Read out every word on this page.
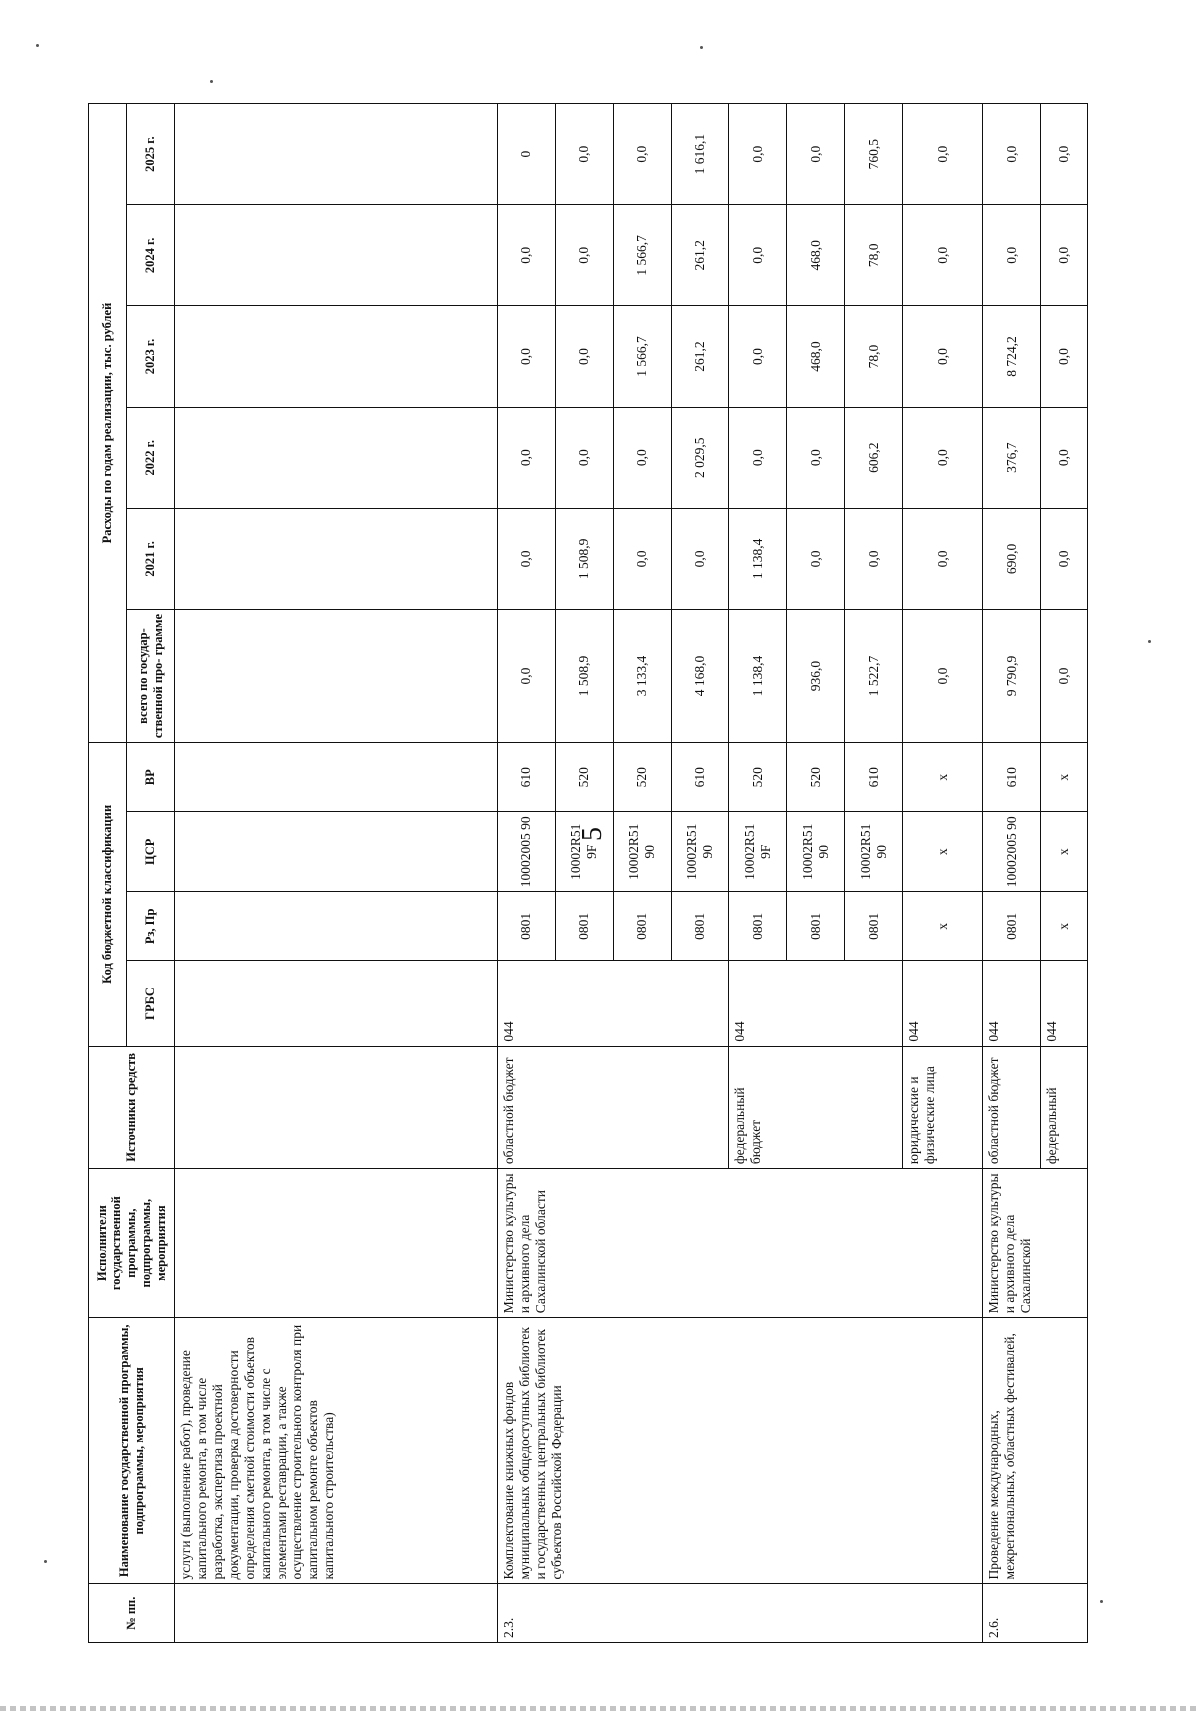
5
№ пп.	Наименование государственной программы, подпрограммы, мероприятия	Исполнители государственной программы, подпрограммы, мероприятия	Источники средств	Код бюджетной классификации				Расходы по годам реализации, тыс. рублей					
				ГРБС	Рз, Пр	ЦСР	ВР	всего по государ- ственной про- грамме	2021 г.	2022 г.	2023 г.	2024 г.	2025 г.
	услуги (выполнение работ), проведение капитального ремонта, в том числе разработка, экспертиза проектной документации, проверка достоверности определения сметной стоимости объектов капитального ремонта, в том числе с элементами реставрации, а также осуществление строительного контроля при капитальном ремонте объектов капитального строительства)												
2.3.	Комплектование книжных фондов муниципальных общедоступных библиотек и государственных центральных библиотек субъектов Российской Федерации	Министерство культуры и архивного дела Сахалинской области	областной бюджет	044	0801	10002005 90	610	0,0	0,0	0,0	0,0	0,0	0
					0801	10002R51 9F	520	1 508,9	1 508,9	0,0	0,0	0,0	0,0
					0801	10002R51 90	520	3 133,4	0,0	0,0	1 566,7	1 566,7	0,0
					0801	10002R51 90	610	4 168,0	0,0	2 029,5	261,2	261,2	1 616,1
			федеральный бюджет	044	0801	10002R51 9F	520	1 138,4	1 138,4	0,0	0,0	0,0	0,0
					0801	10002R51 90	520	936,0	0,0	0,0	468,0	468,0	0,0
					0801	10002R51 90	610	1 522,7	0,0	606,2	78,0	78,0	760,5
			юридические и физические лица	044	x	x	x	0,0	0,0	0,0	0,0	0,0	0,0
2.6.	Проведение международных, межрегиональных, областных фестивалей,	Министерство культуры и архивного дела Сахалинской	областной бюджет	044	0801	10002005 90	610	9 790,9	690,0	376,7	8 724,2	0,0	0,0
			федеральный	044	x	x	x	0,0	0,0	0,0	0,0	0,0	0,0
